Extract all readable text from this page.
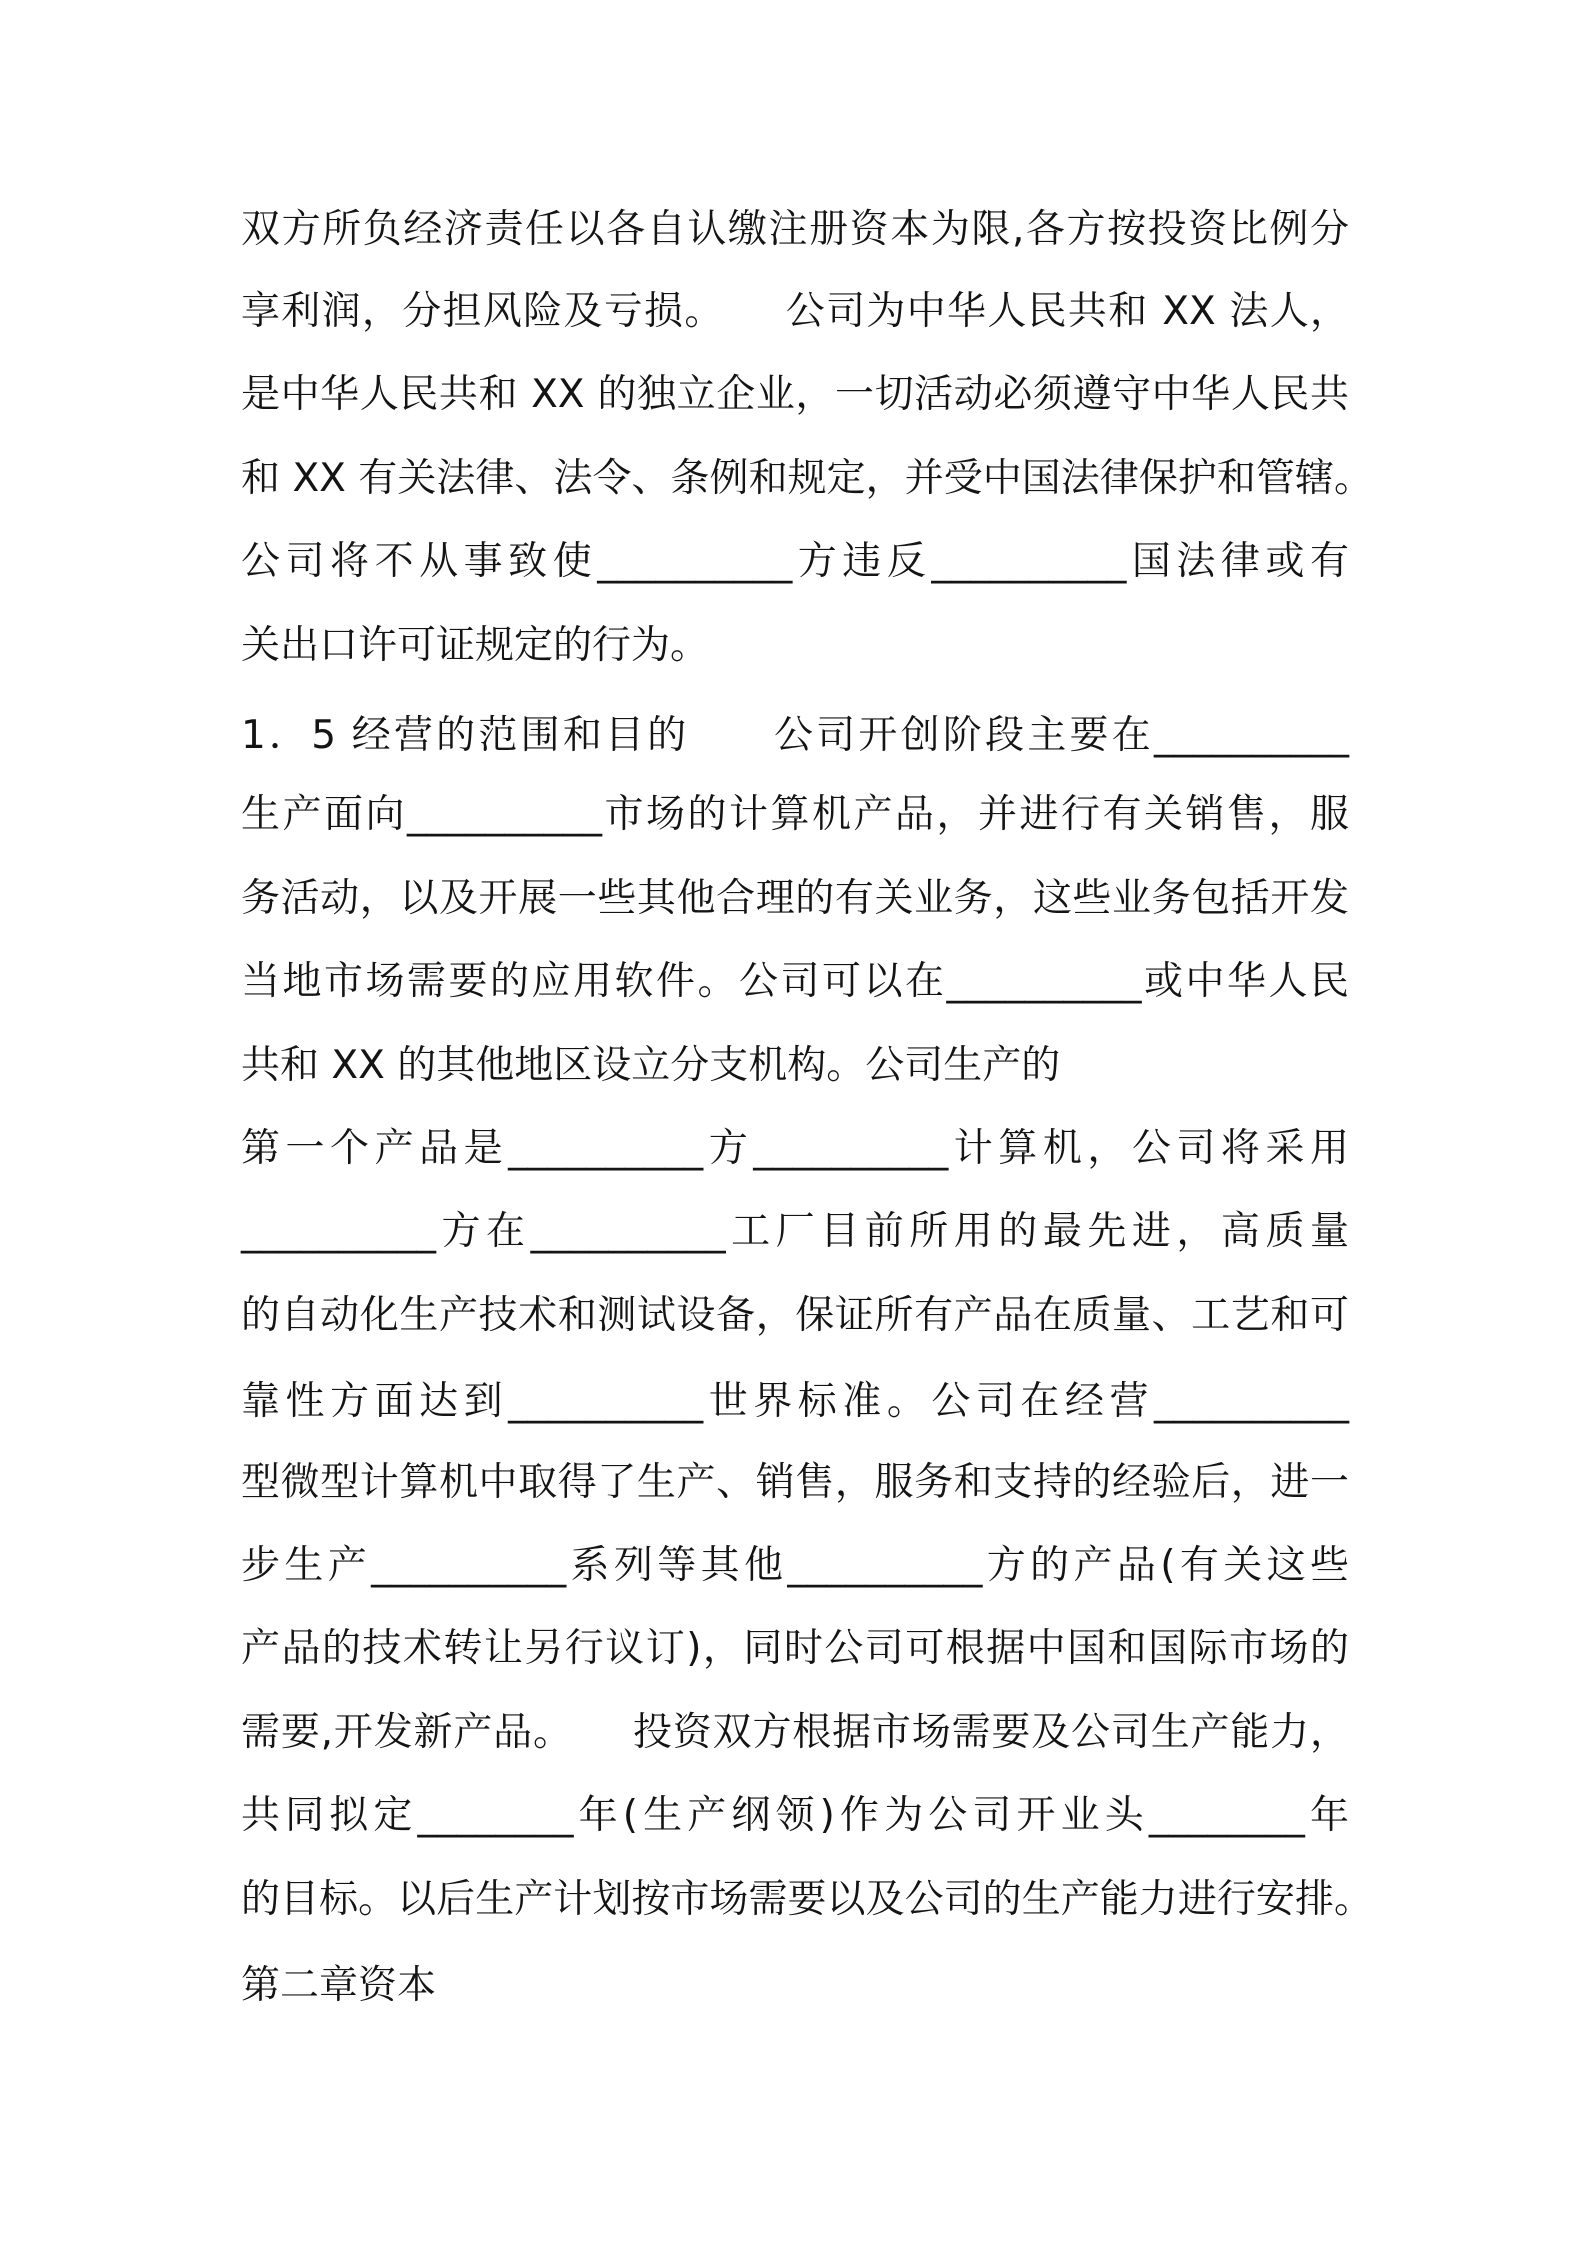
双方所负经济责任以各自认缴注册资本为限,各方按投资比例分
享利润，分担风险及亏损。　　公司为中华人民共和 XX 法人，
是中华人民共和 XX 的独立企业，一切活动必须遵守中华人民共
和 XX 有关法律、法令、条例和规定，并受中国法律保护和管辖。
公司将不从事致使__________方违反__________国法律或有
关出口许可证规定的行为。
1．5 经营的范围和目的　　公司开创阶段主要在__________
生产面向__________市场的计算机产品，并进行有关销售，服
务活动，以及开展一些其他合理的有关业务，这些业务包括开发
当地市场需要的应用软件。公司可以在__________或中华人民
共和 XX 的其他地区设立分支机构。公司生产的
第一个产品是__________方__________计算机，公司将采用
__________方在__________工厂目前所用的最先进，高质量
的自动化生产技术和测试设备，保证所有产品在质量、工艺和可
靠性方面达到__________世界标准。公司在经营__________
型微型计算机中取得了生产、销售，服务和支持的经验后，进一
步生产__________系列等其他__________方的产品(有关这些
产品的技术转让另行议订)，同时公司可根据中国和国际市场的
需要,开发新产品。　　投资双方根据市场需要及公司生产能力，
共同拟定________年(生产纲领)作为公司开业头________年
的目标。以后生产计划按市场需要以及公司的生产能力进行安排。
第二章资本
